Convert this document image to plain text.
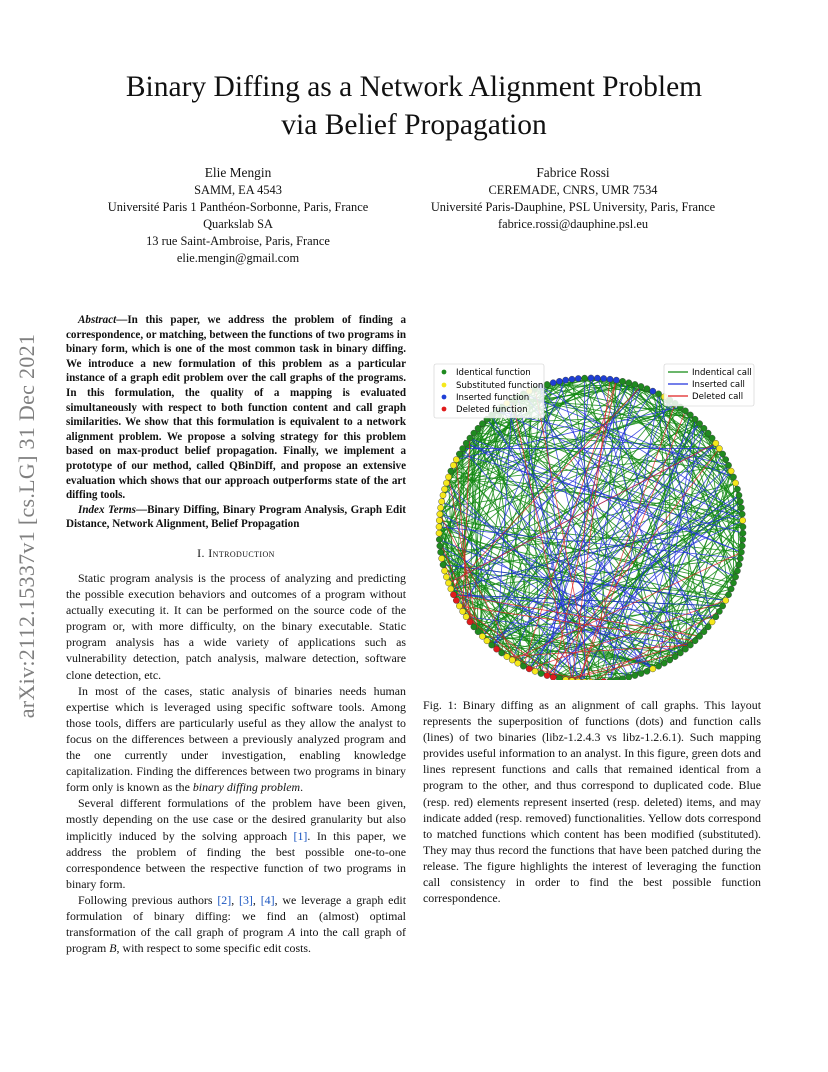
Binary Diffing as a Network Alignment Problem
via Belief Propagation
Elie Mengin
SAMM, EA 4543
Université Paris 1 Panthéon-Sorbonne, Paris, France
Quarkslab SA
13 rue Saint-Ambroise, Paris, France
elie.mengin@gmail.com
Fabrice Rossi
CEREMADE, CNRS, UMR 7534
Université Paris-Dauphine, PSL University, Paris, France
fabrice.rossi@dauphine.psl.eu
arXiv:2112.15337v1 [cs.LG] 31 Dec 2021

Abstract—In this paper, we address the problem of finding a correspondence, or matching, between the functions of two programs in binary form, which is one of the most common task in binary diffing. We introduce a new formulation of this problem as a particular instance of a graph edit problem over the call graphs of the programs. In this formulation, the quality of a mapping is evaluated simultaneously with respect to both function content and call graph similarities. We show that this formulation is equivalent to a network alignment problem. We propose a solving strategy for this problem based on max-product belief propagation. Finally, we implement a prototype of our method, called QBinDiff, and propose an extensive evaluation which shows that our approach outperforms state of the art diffing tools.

Index Terms—Binary Diffing, Binary Program Analysis, Graph Edit Distance, Network Alignment, Belief Propagation

I. Introduction

Static program analysis is the process of analyzing and predicting the possible execution behaviors and outcomes of a program without actually executing it. It can be performed on the source code of the program or, with more difficulty, on the binary executable. Static program analysis has a wide variety of applications such as vulnerability detection, patch analysis, malware detection, software clone detection, etc.

In most of the cases, static analysis of binaries needs human expertise which is leveraged using specific software tools. Among those tools, differs are particularly useful as they allow the analyst to focus on the differences between a previously analyzed program and the one currently under investigation, enabling knowledge capitalization. Finding the differences between two programs in binary form only is known as the binary diffing problem.

Several different formulations of the problem have been given, mostly depending on the use case or the desired granularity but also implicitly induced by the solving approach [1]. In this paper, we address the problem of finding the best possible one-to-one correspondence between the respective function of two programs in binary form.

Following previous authors [2], [3], [4], we leverage a graph edit formulation of binary diffing: we find an (almost) optimal transformation of the call graph of program A into the call graph of program B, with respect to some specific edit costs.

Identical function
Substituted function
Inserted function
Deleted function
Indentical call
Inserted call
Deleted call
Fig. 1: Binary diffing as an alignment of call graphs. This layout represents the superposition of functions (dots) and function calls (lines) of two binaries (libz-1.2.4.3 vs libz-1.2.6.1). Such mapping provides useful information to an analyst. In this figure, green dots and lines represent functions and calls that remained identical from a program to the other, and thus correspond to duplicated code. Blue (resp. red) elements represent inserted (resp. deleted) items, and may indicate added (resp. removed) functionalities. Yellow dots correspond to matched functions which content has been modified (substituted). They may thus record the functions that have been patched during the release. The figure highlights the interest of leveraging the function call consistency in order to find the best possible function correspondence.
